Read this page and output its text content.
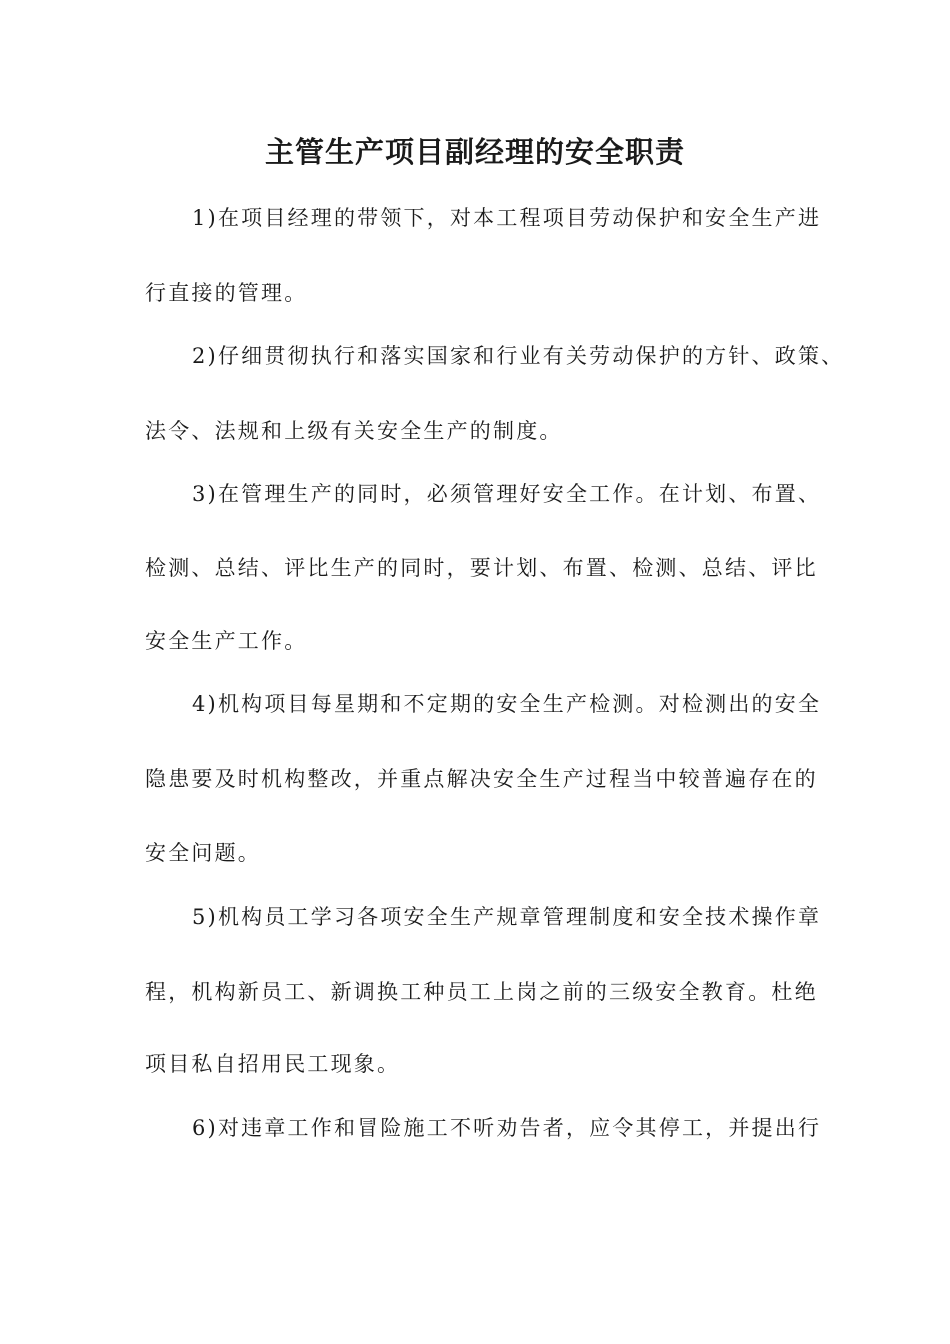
主管生产项目副经理的安全职责
1)在项目经理的带领下，对本工程项目劳动保护和安全生产进
行直接的管理。
2)仔细贯彻执行和落实国家和行业有关劳动保护的方针、政策、
法令、法规和上级有关安全生产的制度。
3)在管理生产的同时，必须管理好安全工作。在计划、布置、
检测、总结、评比生产的同时，要计划、布置、检测、总结、评比
安全生产工作。
4)机构项目每星期和不定期的安全生产检测。对检测出的安全
隐患要及时机构整改，并重点解决安全生产过程当中较普遍存在的
安全问题。
5)机构员工学习各项安全生产规章管理制度和安全技术操作章
程，机构新员工、新调换工种员工上岗之前的三级安全教育。杜绝
项目私自招用民工现象。
6)对违章工作和冒险施工不听劝告者，应令其停工，并提出行
